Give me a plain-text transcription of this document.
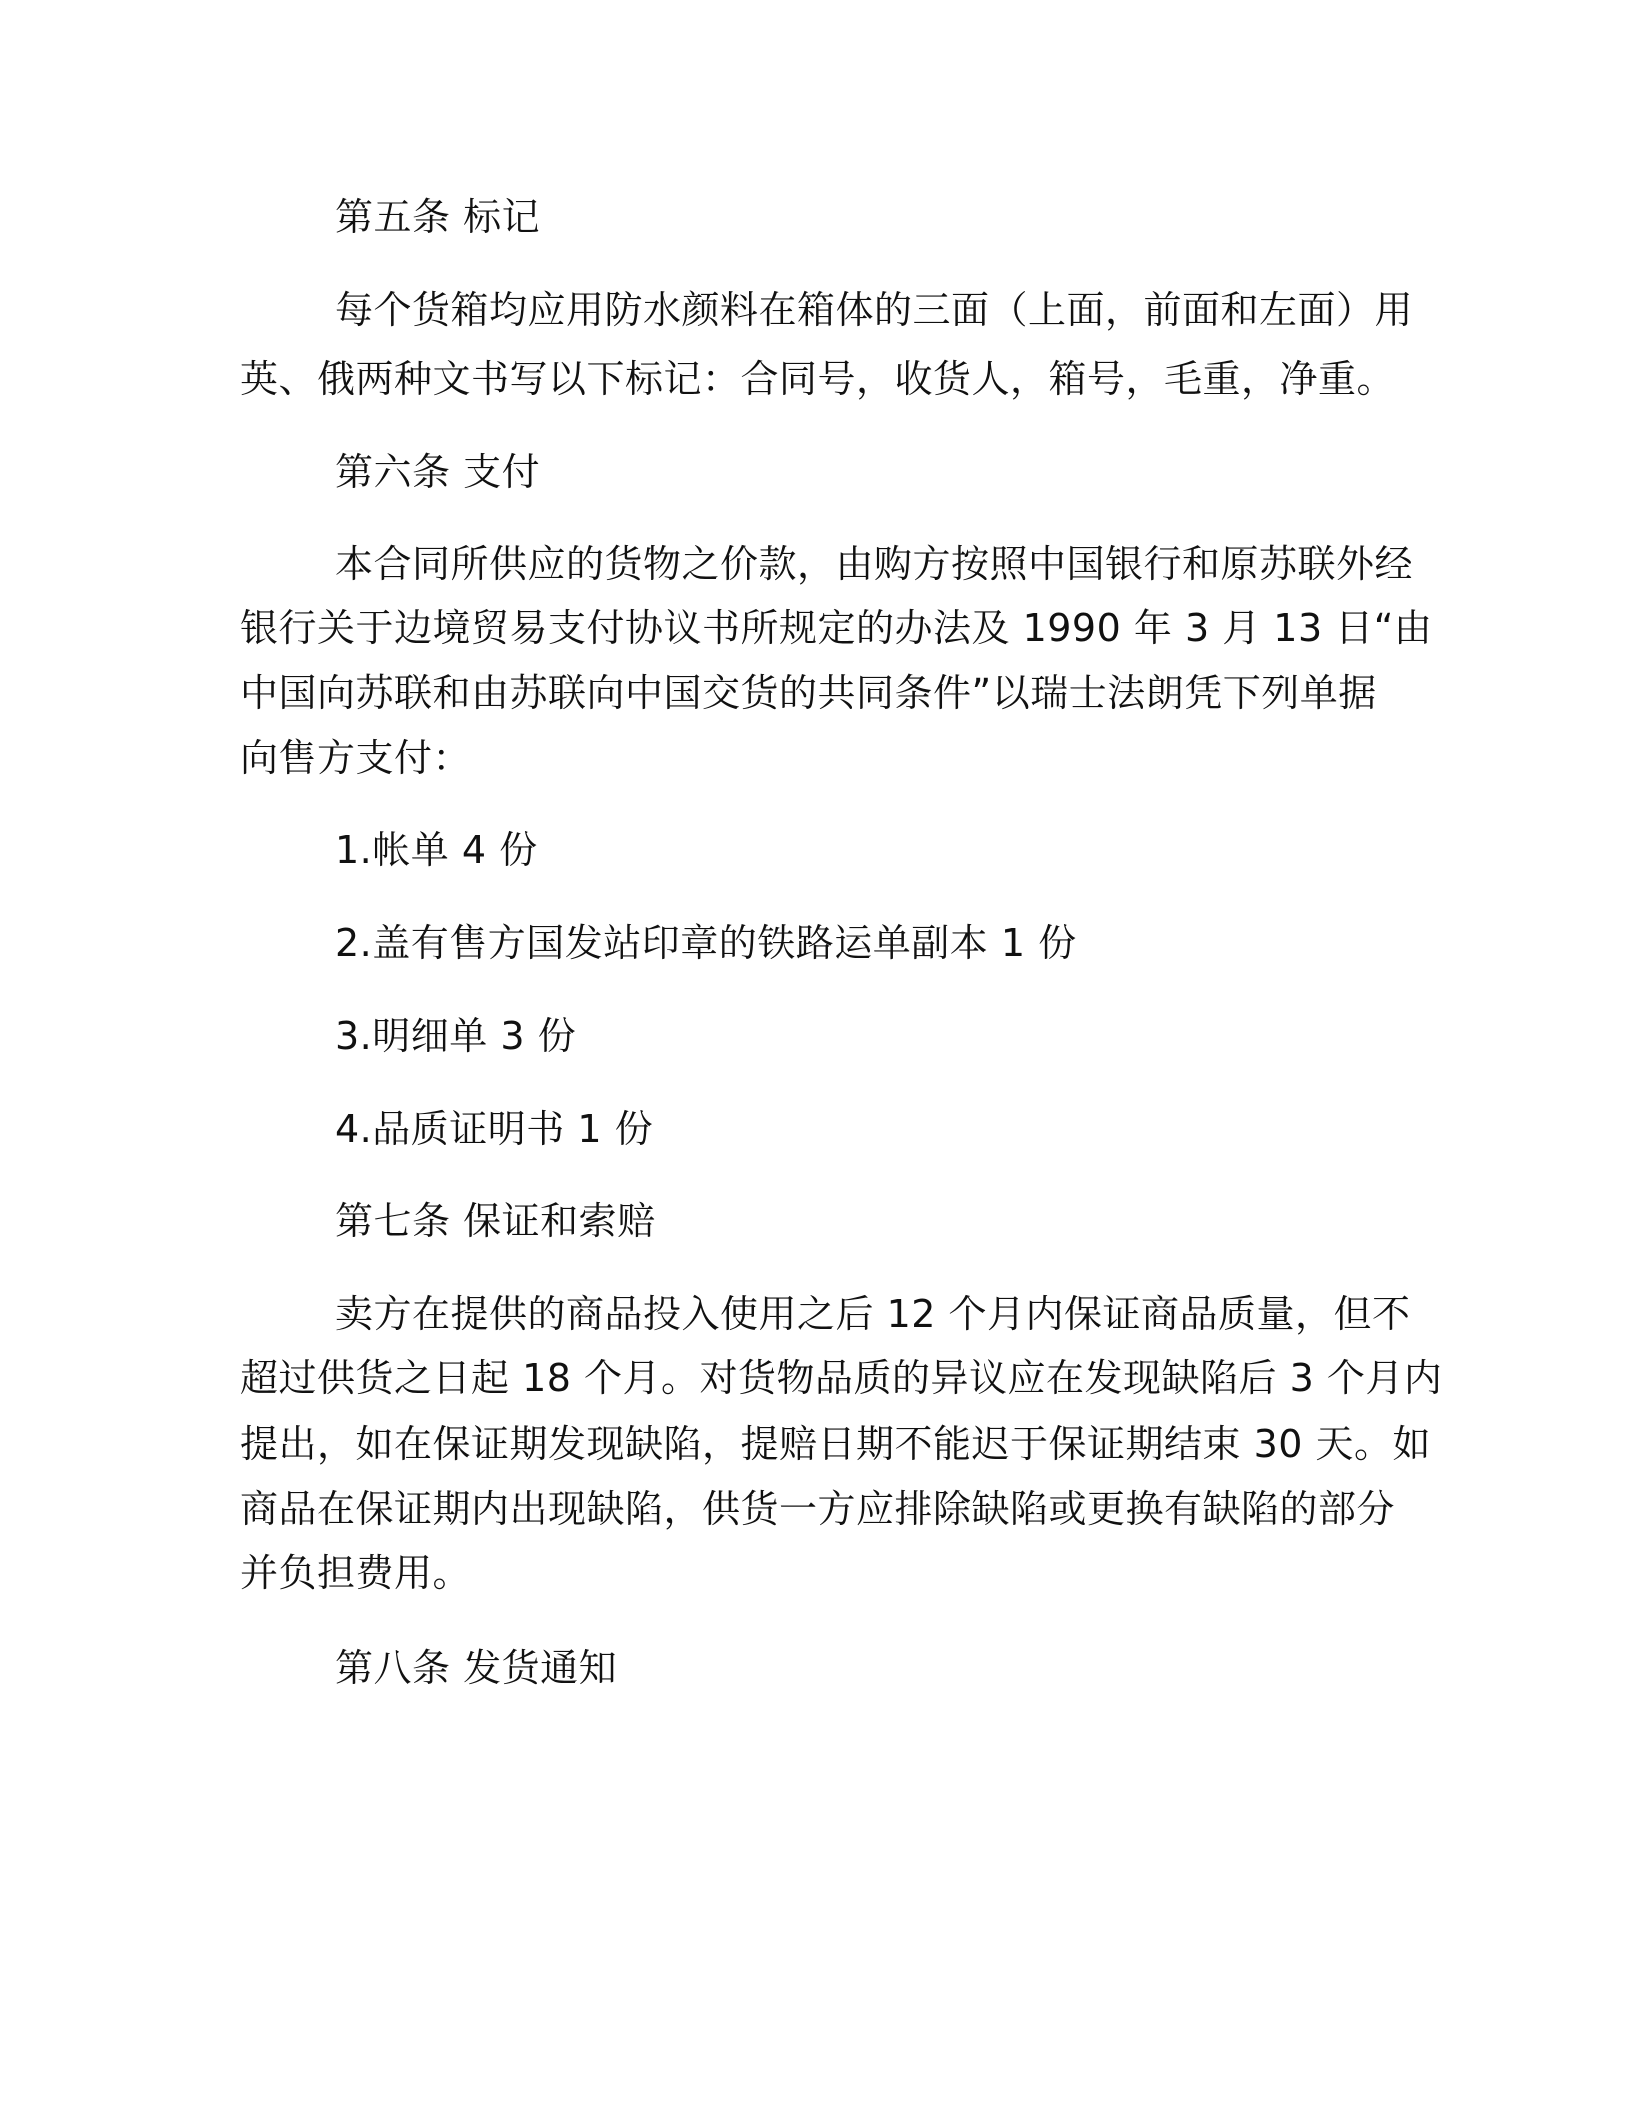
第五条 标记

每个货箱均应用防水颜料在箱体的三面（上面，前面和左面）用

英、俄两种文书写以下标记：合同号，收货人，箱号，毛重，净重。

第六条 支付

本合同所供应的货物之价款，由购方按照中国银行和原苏联外经

银行关于边境贸易支付协议书所规定的办法及 1990 年 3 月 13 日“由

中国向苏联和由苏联向中国交货的共同条件”以瑞士法朗凭下列单据

向售方支付：

1.帐单 4 份

2.盖有售方国发站印章的铁路运单副本 1 份

3.明细单 3 份

4.品质证明书 1 份

第七条 保证和索赔

卖方在提供的商品投入使用之后 12 个月内保证商品质量，但不

超过供货之日起 18 个月。对货物品质的异议应在发现缺陷后 3 个月内

提出，如在保证期发现缺陷，提赔日期不能迟于保证期结束 30 天。如

商品在保证期内出现缺陷，供货一方应排除缺陷或更换有缺陷的部分

并负担费用。

第八条 发货通知
